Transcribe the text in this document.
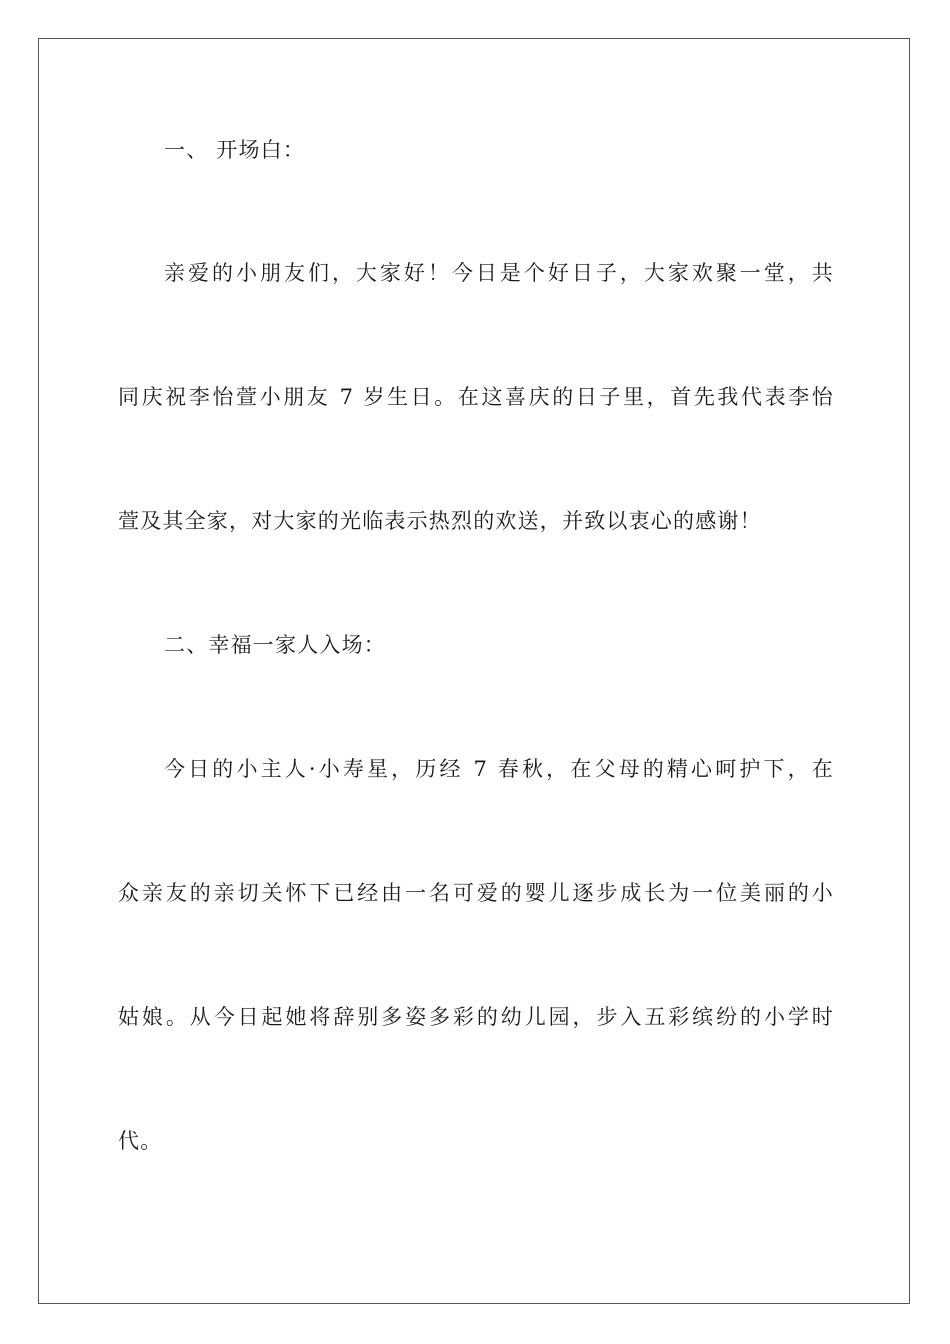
一、 开场白：
亲爱的小朋友们，大家好！今日是个好日子，大家欢聚一堂，共
同庆祝李怡萱小朋友 7 岁生日。在这喜庆的日子里，首先我代表李怡
萱及其全家，对大家的光临表示热烈的欢送，并致以衷心的感谢！
二、幸福一家人入场：
今日的小主人·小寿星，历经 7 春秋，在父母的精心呵护下，在
众亲友的亲切关怀下已经由一名可爱的婴儿逐步成长为一位美丽的小
姑娘。从今日起她将辞别多姿多彩的幼儿园，步入五彩缤纷的小学时
代。
